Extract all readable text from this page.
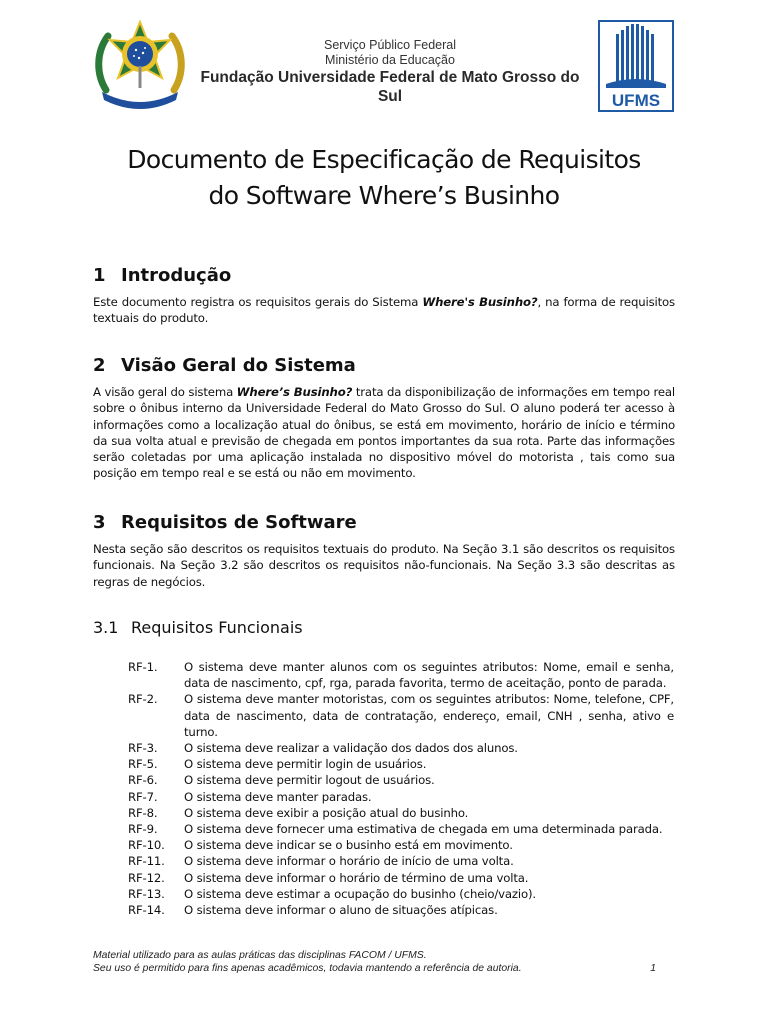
Serviço Público Federal
Ministério da Educação
Fundação Universidade Federal de Mato Grosso do Sul	UFMS
Documento de Especificação de Requisitos
do Software Where’s Businho
1 Introdução

Este documento registra os requisitos gerais do Sistema Where's Businho?, na forma de requisitos textuais do produto.

2 Visão Geral do Sistema

A visão geral do sistema Where’s Businho? trata da disponibilização de informações em tempo real sobre o ônibus interno da Universidade Federal do Mato Grosso do Sul. O aluno poderá ter acesso à informações como a localização atual do ônibus, se está em movimento, horário de início e término da sua volta atual e previsão de chegada em pontos importantes da sua rota. Parte das informações serão coletadas por uma aplicação instalada no dispositivo móvel do motorista , tais como sua posição em tempo real e se está ou não em movimento.

3 Requisitos de Software

Nesta seção são descritos os requisitos textuais do produto. Na Seção 3.1 são descritos os requisitos funcionais. Na Seção 3.2 são descritos os requisitos não-funcionais. Na Seção 3.3 são descritas as regras de negócios.

3.1 Requisitos Funcionais
RF-1.	O sistema deve manter alunos com os seguintes atributos: Nome, email e senha, data de nascimento, cpf, rga, parada favorita, termo de aceitação, ponto de parada.
RF-2.	O sistema deve manter motoristas, com os seguintes atributos: Nome, telefone, CPF, data de nascimento, data de contratação, endereço, email, CNH , senha, ativo e turno.
RF-3.	O sistema deve realizar a validação dos dados dos alunos.
RF-5.	O sistema deve permitir login de usuários.
RF-6.	O sistema deve permitir logout de usuários.
RF-7.	O sistema deve manter paradas.
RF-8.	O sistema deve exibir a posição atual do businho.
RF-9.	O sistema deve fornecer uma estimativa de chegada em uma determinada parada.
RF-10.	O sistema deve indicar se o businho está em movimento.
RF-11.	O sistema deve informar o horário de início de uma volta.
RF-12.	O sistema deve informar o horário de término de uma volta.
RF-13.	O sistema deve estimar a ocupação do businho (cheio/vazio).
RF-14.	O sistema deve informar o aluno de situações atípicas.
Material utilizado para as aulas práticas das disciplinas FACOM / UFMS.
Seu uso é permitido para fins apenas acadêmicos, todavia mantendo a referência de autoria.	1
